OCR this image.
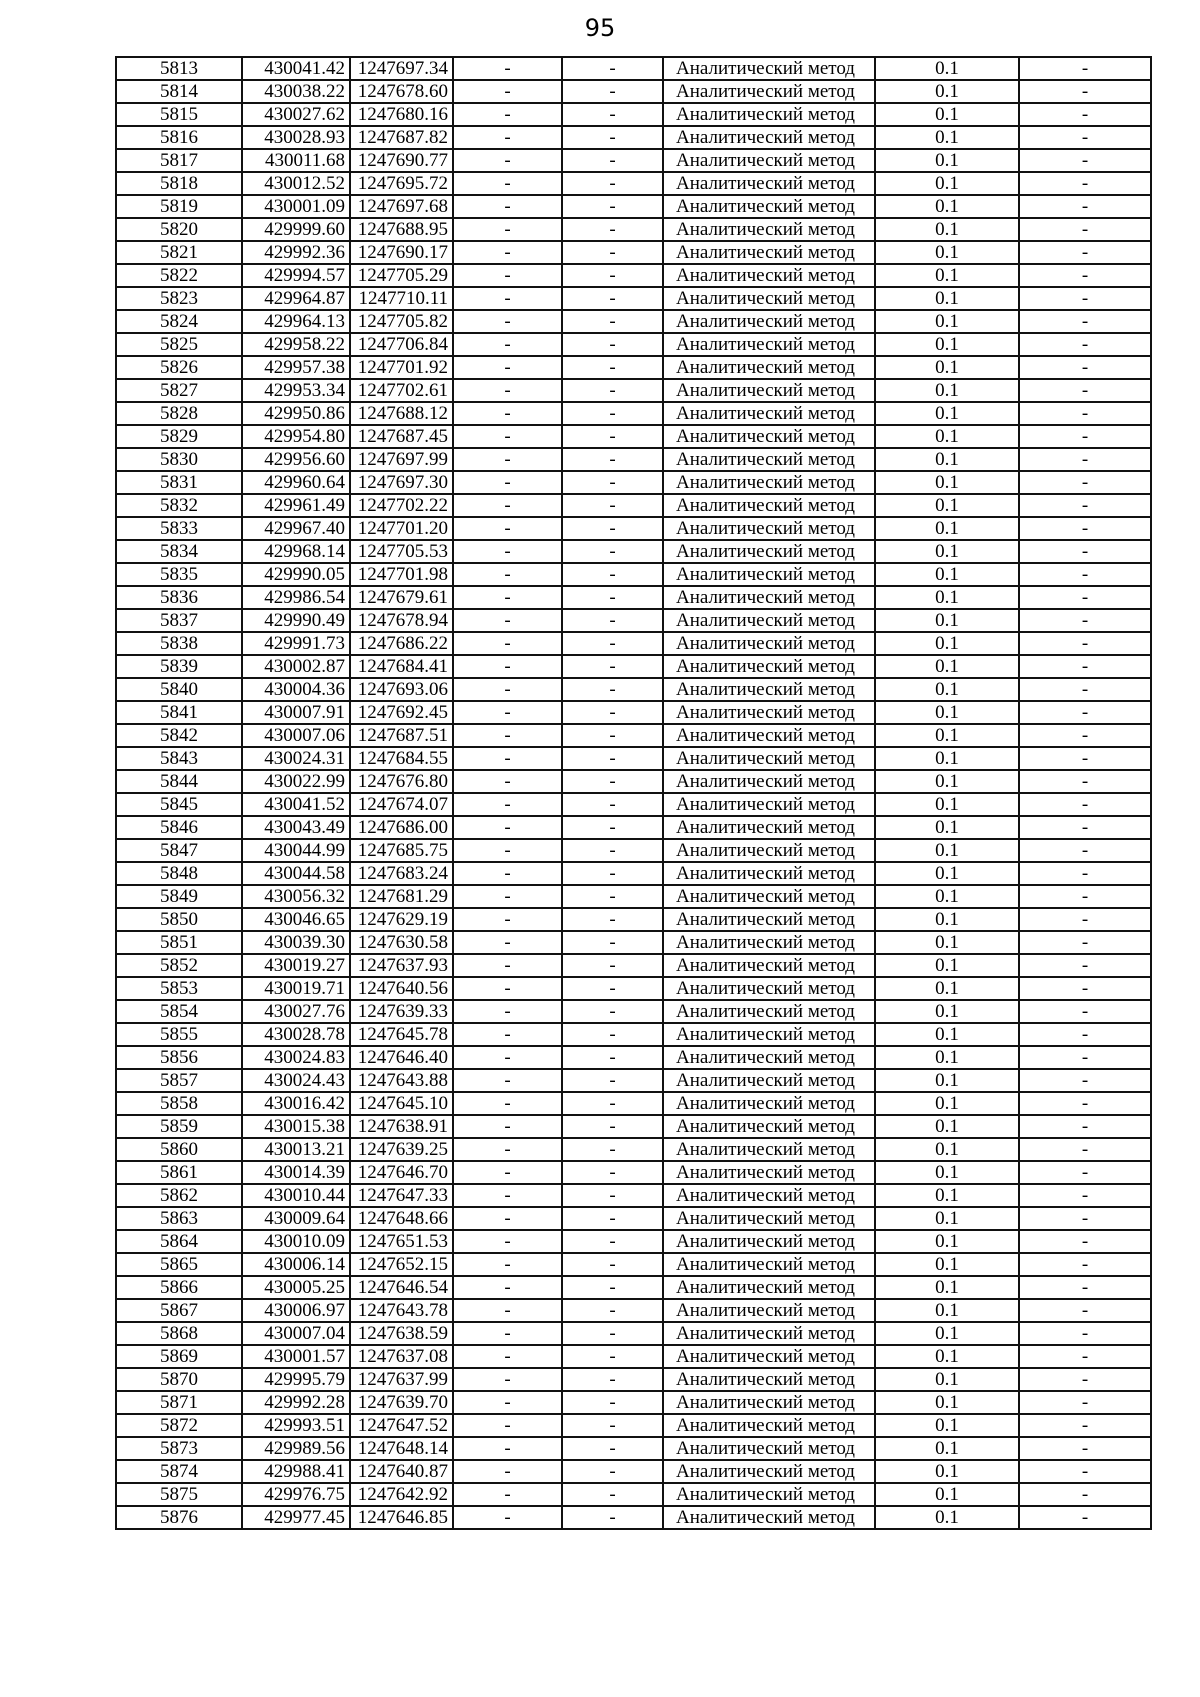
95
5813	430041.42	1247697.34	-	-	Аналитический метод	0.1	-
5814	430038.22	1247678.60	-	-	Аналитический метод	0.1	-
5815	430027.62	1247680.16	-	-	Аналитический метод	0.1	-
5816	430028.93	1247687.82	-	-	Аналитический метод	0.1	-
5817	430011.68	1247690.77	-	-	Аналитический метод	0.1	-
5818	430012.52	1247695.72	-	-	Аналитический метод	0.1	-
5819	430001.09	1247697.68	-	-	Аналитический метод	0.1	-
5820	429999.60	1247688.95	-	-	Аналитический метод	0.1	-
5821	429992.36	1247690.17	-	-	Аналитический метод	0.1	-
5822	429994.57	1247705.29	-	-	Аналитический метод	0.1	-
5823	429964.87	1247710.11	-	-	Аналитический метод	0.1	-
5824	429964.13	1247705.82	-	-	Аналитический метод	0.1	-
5825	429958.22	1247706.84	-	-	Аналитический метод	0.1	-
5826	429957.38	1247701.92	-	-	Аналитический метод	0.1	-
5827	429953.34	1247702.61	-	-	Аналитический метод	0.1	-
5828	429950.86	1247688.12	-	-	Аналитический метод	0.1	-
5829	429954.80	1247687.45	-	-	Аналитический метод	0.1	-
5830	429956.60	1247697.99	-	-	Аналитический метод	0.1	-
5831	429960.64	1247697.30	-	-	Аналитический метод	0.1	-
5832	429961.49	1247702.22	-	-	Аналитический метод	0.1	-
5833	429967.40	1247701.20	-	-	Аналитический метод	0.1	-
5834	429968.14	1247705.53	-	-	Аналитический метод	0.1	-
5835	429990.05	1247701.98	-	-	Аналитический метод	0.1	-
5836	429986.54	1247679.61	-	-	Аналитический метод	0.1	-
5837	429990.49	1247678.94	-	-	Аналитический метод	0.1	-
5838	429991.73	1247686.22	-	-	Аналитический метод	0.1	-
5839	430002.87	1247684.41	-	-	Аналитический метод	0.1	-
5840	430004.36	1247693.06	-	-	Аналитический метод	0.1	-
5841	430007.91	1247692.45	-	-	Аналитический метод	0.1	-
5842	430007.06	1247687.51	-	-	Аналитический метод	0.1	-
5843	430024.31	1247684.55	-	-	Аналитический метод	0.1	-
5844	430022.99	1247676.80	-	-	Аналитический метод	0.1	-
5845	430041.52	1247674.07	-	-	Аналитический метод	0.1	-
5846	430043.49	1247686.00	-	-	Аналитический метод	0.1	-
5847	430044.99	1247685.75	-	-	Аналитический метод	0.1	-
5848	430044.58	1247683.24	-	-	Аналитический метод	0.1	-
5849	430056.32	1247681.29	-	-	Аналитический метод	0.1	-
5850	430046.65	1247629.19	-	-	Аналитический метод	0.1	-
5851	430039.30	1247630.58	-	-	Аналитический метод	0.1	-
5852	430019.27	1247637.93	-	-	Аналитический метод	0.1	-
5853	430019.71	1247640.56	-	-	Аналитический метод	0.1	-
5854	430027.76	1247639.33	-	-	Аналитический метод	0.1	-
5855	430028.78	1247645.78	-	-	Аналитический метод	0.1	-
5856	430024.83	1247646.40	-	-	Аналитический метод	0.1	-
5857	430024.43	1247643.88	-	-	Аналитический метод	0.1	-
5858	430016.42	1247645.10	-	-	Аналитический метод	0.1	-
5859	430015.38	1247638.91	-	-	Аналитический метод	0.1	-
5860	430013.21	1247639.25	-	-	Аналитический метод	0.1	-
5861	430014.39	1247646.70	-	-	Аналитический метод	0.1	-
5862	430010.44	1247647.33	-	-	Аналитический метод	0.1	-
5863	430009.64	1247648.66	-	-	Аналитический метод	0.1	-
5864	430010.09	1247651.53	-	-	Аналитический метод	0.1	-
5865	430006.14	1247652.15	-	-	Аналитический метод	0.1	-
5866	430005.25	1247646.54	-	-	Аналитический метод	0.1	-
5867	430006.97	1247643.78	-	-	Аналитический метод	0.1	-
5868	430007.04	1247638.59	-	-	Аналитический метод	0.1	-
5869	430001.57	1247637.08	-	-	Аналитический метод	0.1	-
5870	429995.79	1247637.99	-	-	Аналитический метод	0.1	-
5871	429992.28	1247639.70	-	-	Аналитический метод	0.1	-
5872	429993.51	1247647.52	-	-	Аналитический метод	0.1	-
5873	429989.56	1247648.14	-	-	Аналитический метод	0.1	-
5874	429988.41	1247640.87	-	-	Аналитический метод	0.1	-
5875	429976.75	1247642.92	-	-	Аналитический метод	0.1	-
5876	429977.45	1247646.85	-	-	Аналитический метод	0.1	-
